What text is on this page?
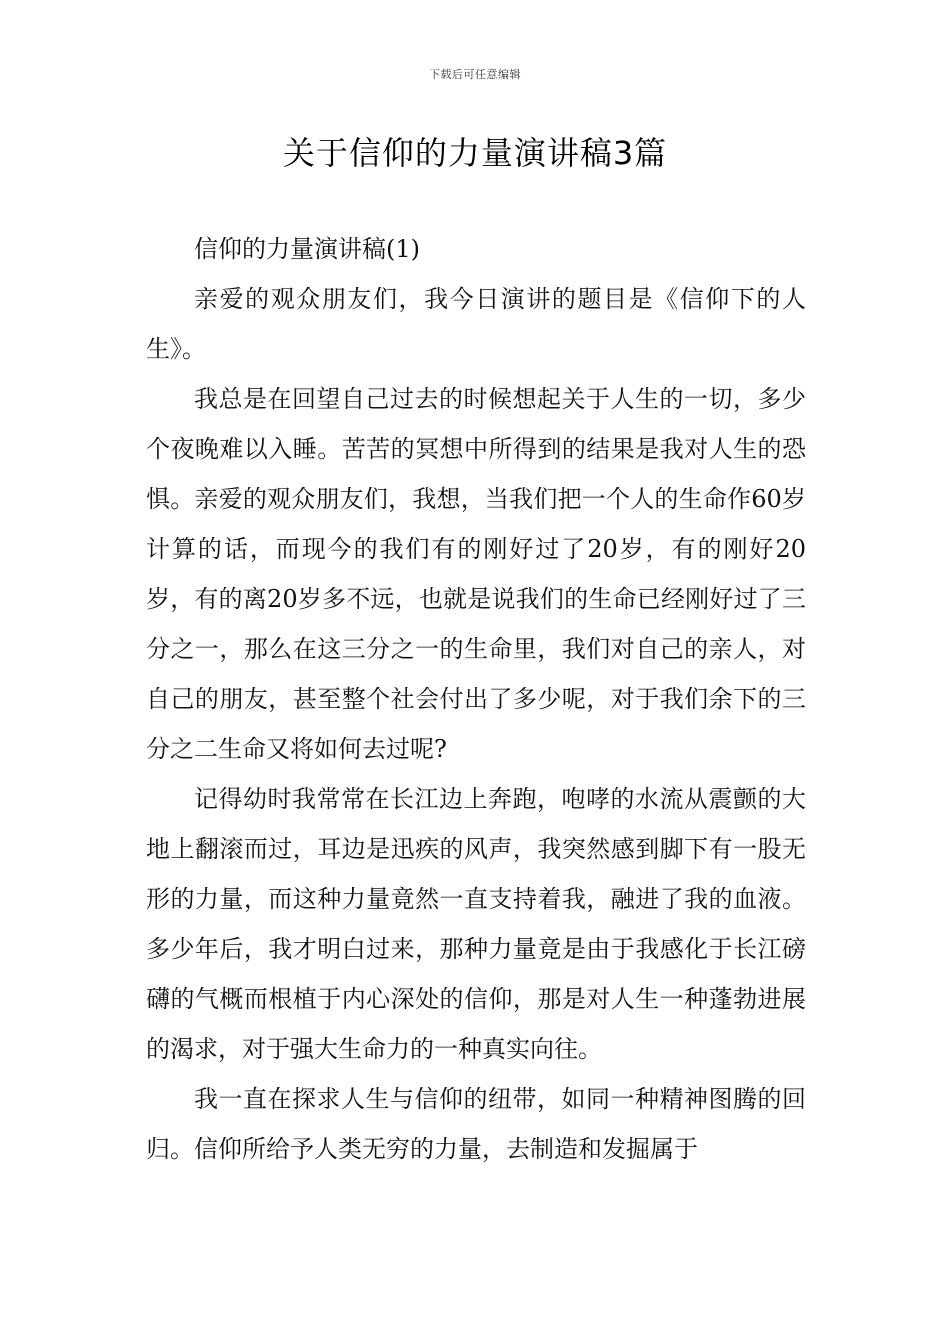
下载后可任意编辑
关于信仰的力量演讲稿3篇

信仰的力量演讲稿(1)

亲爱的观众朋友们，我今日演讲的题目是《信仰下的人生》。

我总是在回望自己过去的时候想起关于人生的一切，多少个夜晚难以入睡。苦苦的冥想中所得到的结果是我对人生的恐惧。亲爱的观众朋友们，我想，当我们把一个人的生命作60岁计算的话，而现今的我们有的刚好过了20岁，有的刚好20岁，有的离20岁多不远，也就是说我们的生命已经刚好过了三分之一，那么在这三分之一的生命里，我们对自己的亲人，对自己的朋友，甚至整个社会付出了多少呢，对于我们余下的三分之二生命又将如何去过呢?

记得幼时我常常在长江边上奔跑，咆哮的水流从震颤的大地上翻滚而过，耳边是迅疾的风声，我突然感到脚下有一股无形的力量，而这种力量竟然一直支持着我，融进了我的血液。多少年后，我才明白过来，那种力量竟是由于我感化于长江磅礴的气概而根植于内心深处的信仰，那是对人生一种蓬勃进展的渴求，对于强大生命力的一种真实向往。

我一直在探求人生与信仰的纽带，如同一种精神图腾的回归。信仰所给予人类无穷的力量，去制造和发掘属于
